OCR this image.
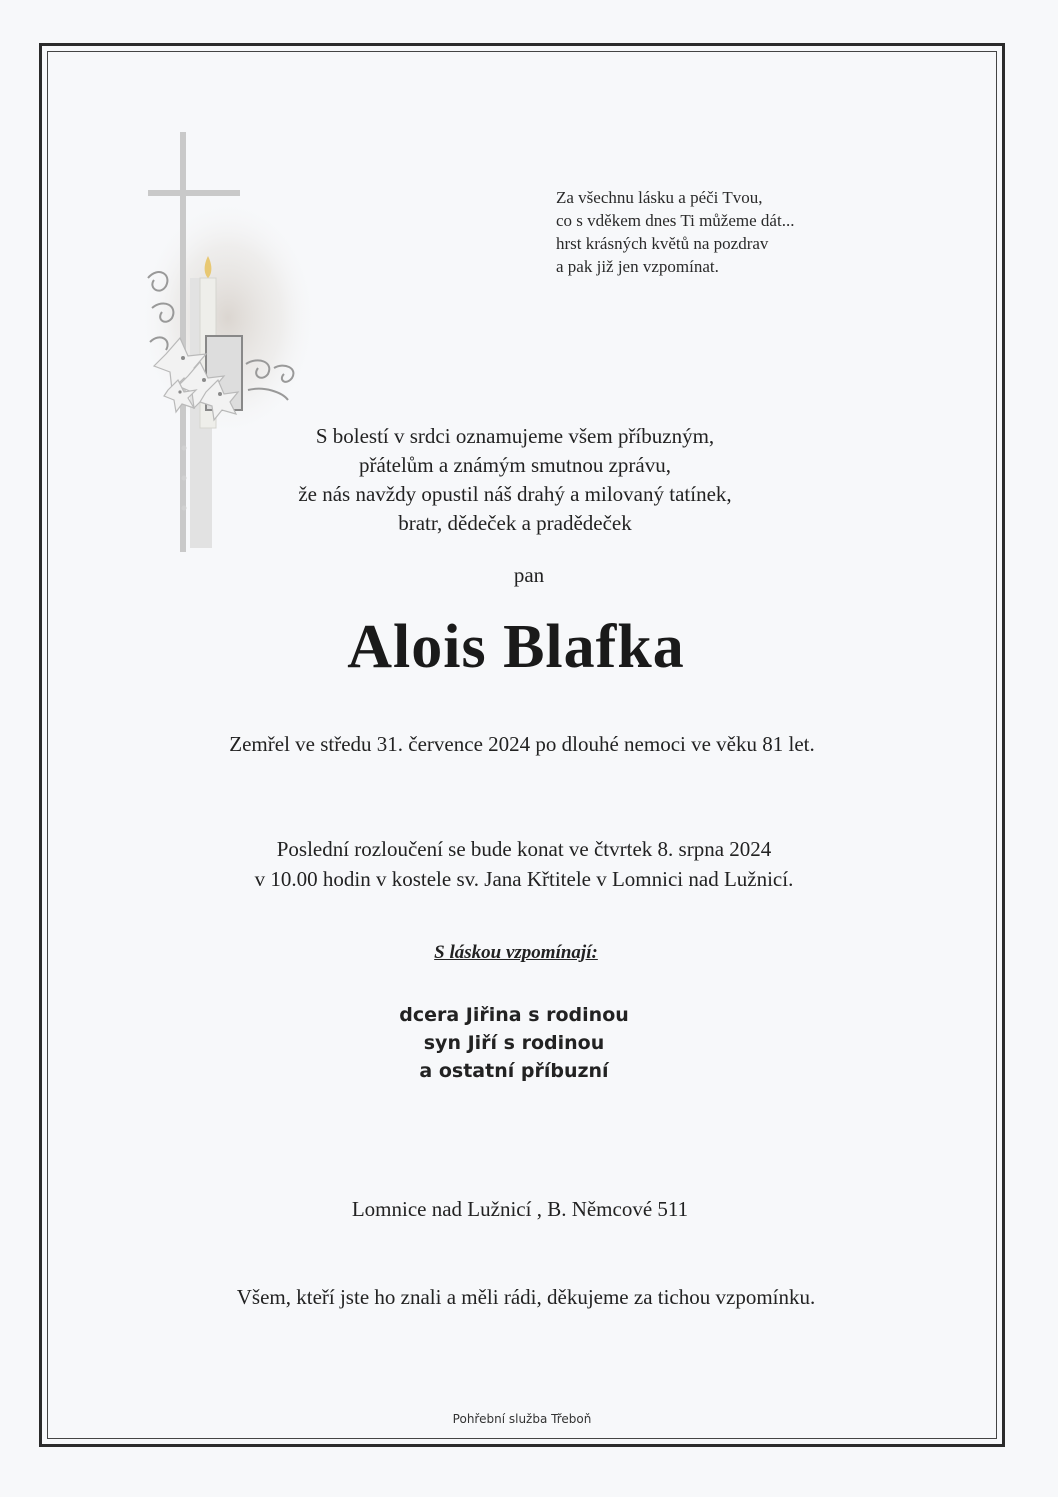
Za všechnu lásku a péči Tvou,
co s vděkem dnes Ti můžeme dát...
hrst krásných květů na pozdrav
a pak již jen vzpomínat.
S bolestí v srdci oznamujeme všem příbuzným,
přátelům a známým smutnou zprávu,
že nás navždy opustil náš drahý a milovaný tatínek,
bratr, dědeček a pradědeček
pan
Alois Blafka
Zemřel ve středu 31. července 2024 po dlouhé nemoci ve věku 81 let.
Poslední rozloučení se bude konat ve čtvrtek 8. srpna 2024
v 10.00 hodin v kostele sv. Jana Křtitele v Lomnici nad Lužnicí.
S láskou vzpomínají:
dcera Jiřina s rodinou
syn Jiří s rodinou
a ostatní příbuzní
Lomnice nad Lužnicí , B. Němcové 511
Všem, kteří jste ho znali a měli rádi, děkujeme za tichou vzpomínku.
Pohřební služba Třeboň
